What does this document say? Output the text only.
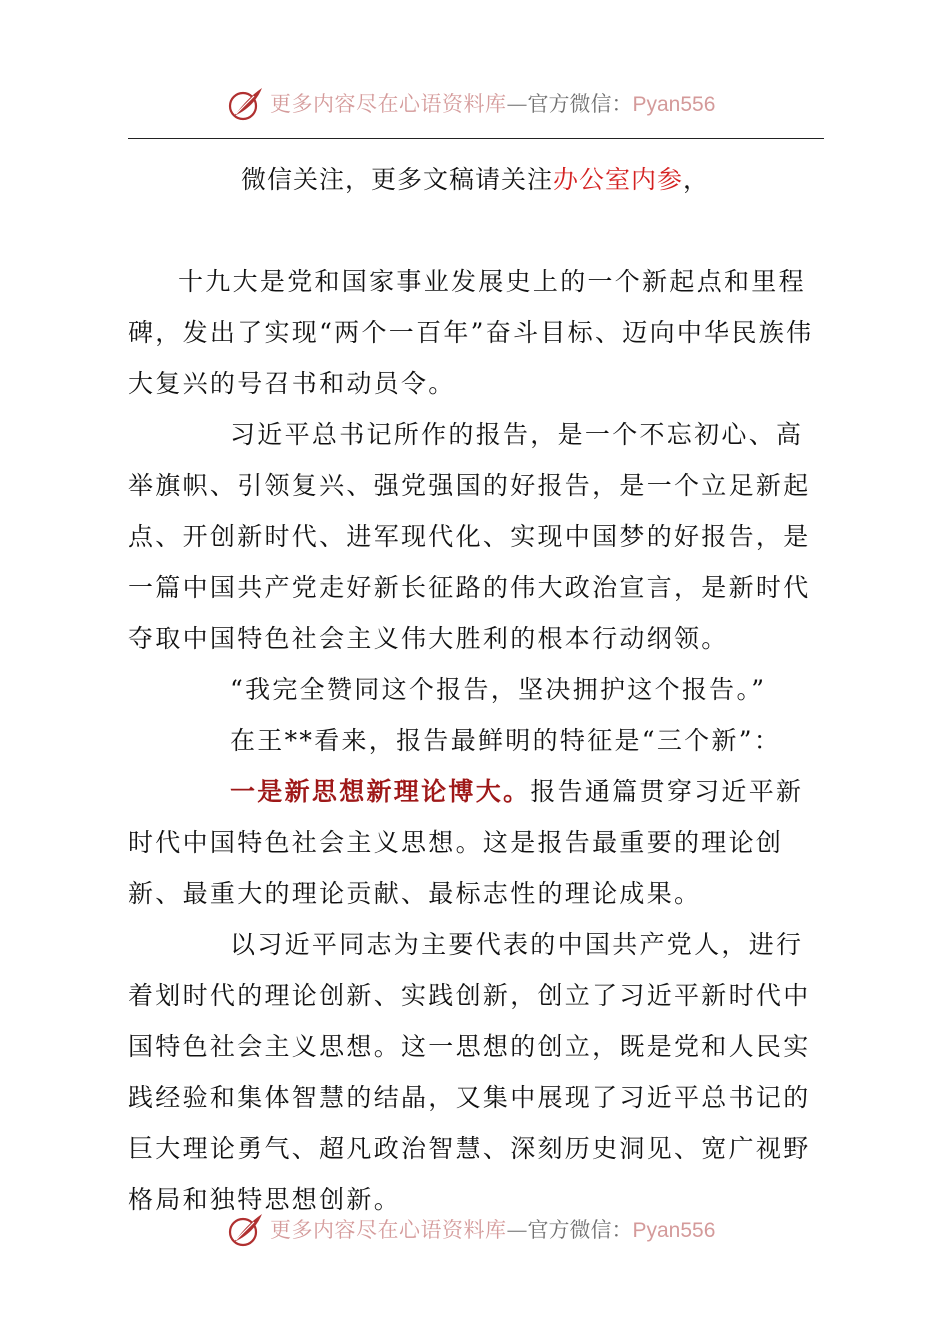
更多内容尽在心语资料库—官方微信：Pyan556
微信关注，更多文稿请关注办公室内参，

十九大是党和国家事业发展史上的一个新起点和里程碑，发出了实现“两个一百年”奋斗目标、迈向中华民族伟大复兴的号召书和动员令。

习近平总书记所作的报告，是一个不忘初心、高举旗帜、引领复兴、强党强国的好报告，是一个立足新起点、开创新时代、进军现代化、实现中国梦的好报告，是一篇中国共产党走好新长征路的伟大政治宣言，是新时代夺取中国特色社会主义伟大胜利的根本行动纲领。

“我完全赞同这个报告，坚决拥护这个报告。”

在王**看来，报告最鲜明的特征是“三个新”：

一是新思想新理论博大。报告通篇贯穿习近平新时代中国特色社会主义思想。这是报告最重要的理论创新、最重大的理论贡献、最标志性的理论成果。

以习近平同志为主要代表的中国共产党人，进行着划时代的理论创新、实践创新，创立了习近平新时代中国特色社会主义思想。这一思想的创立，既是党和人民实践经验和集体智慧的结晶，又集中展现了习近平总书记的巨大理论勇气、超凡政治智慧、深刻历史洞见、宽广视野格局和独特思想创新。

更多内容尽在心语资料库—官方微信：Pyan556
